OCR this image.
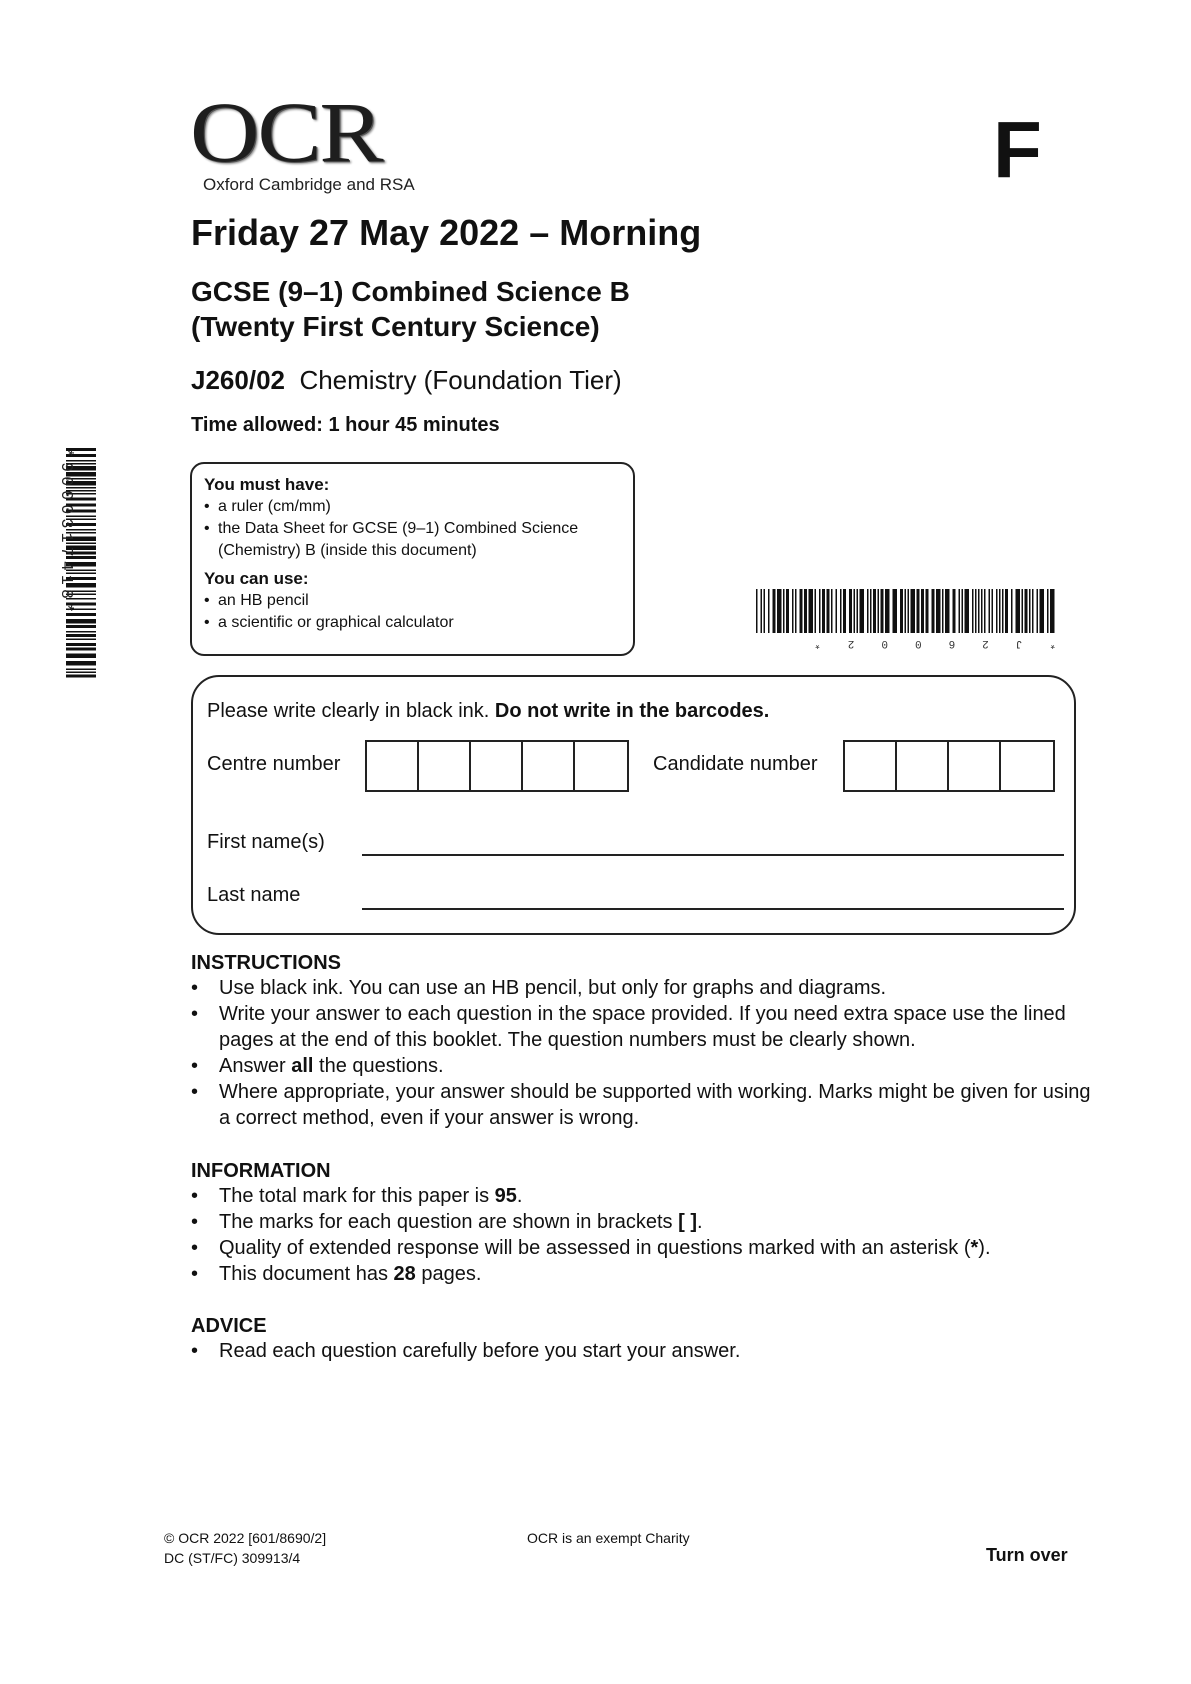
OCR
Oxford Cambridge and RSA	F
Friday 27 May 2022 – Morning
GCSE (9–1) Combined Science B
(Twenty First Century Science)
J260/02 Chemistry (Foundation Tier)
Time allowed: 1 hour 45 minutes
You must have:
• a ruler (cm/mm)
• the Data Sheet for GCSE (9–1) Combined Science (Chemistry) B (inside this document)
You can use:
• an HB pencil
• a scientific or graphical calculator
*9000317418*
*J26002*
Please write clearly in black ink. Do not write in the barcodes.
Centre number	Candidate number
First name(s)
Last name
INSTRUCTIONS
• Use black ink. You can use an HB pencil, but only for graphs and diagrams.
• Write your answer to each question in the space provided. If you need extra space use the lined pages at the end of this booklet. The question numbers must be clearly shown.
• Answer all the questions.
• Where appropriate, your answer should be supported with working. Marks might be given for using a correct method, even if your answer is wrong.
INFORMATION
• The total mark for this paper is 95.
• The marks for each question are shown in brackets [ ].
• Quality of extended response will be assessed in questions marked with an asterisk (*).
• This document has 28 pages.
ADVICE
• Read each question carefully before you start your answer.
© OCR 2022 [601/8690/2]
DC (ST/FC) 309913/4
OCR is an exempt Charity
Turn over
